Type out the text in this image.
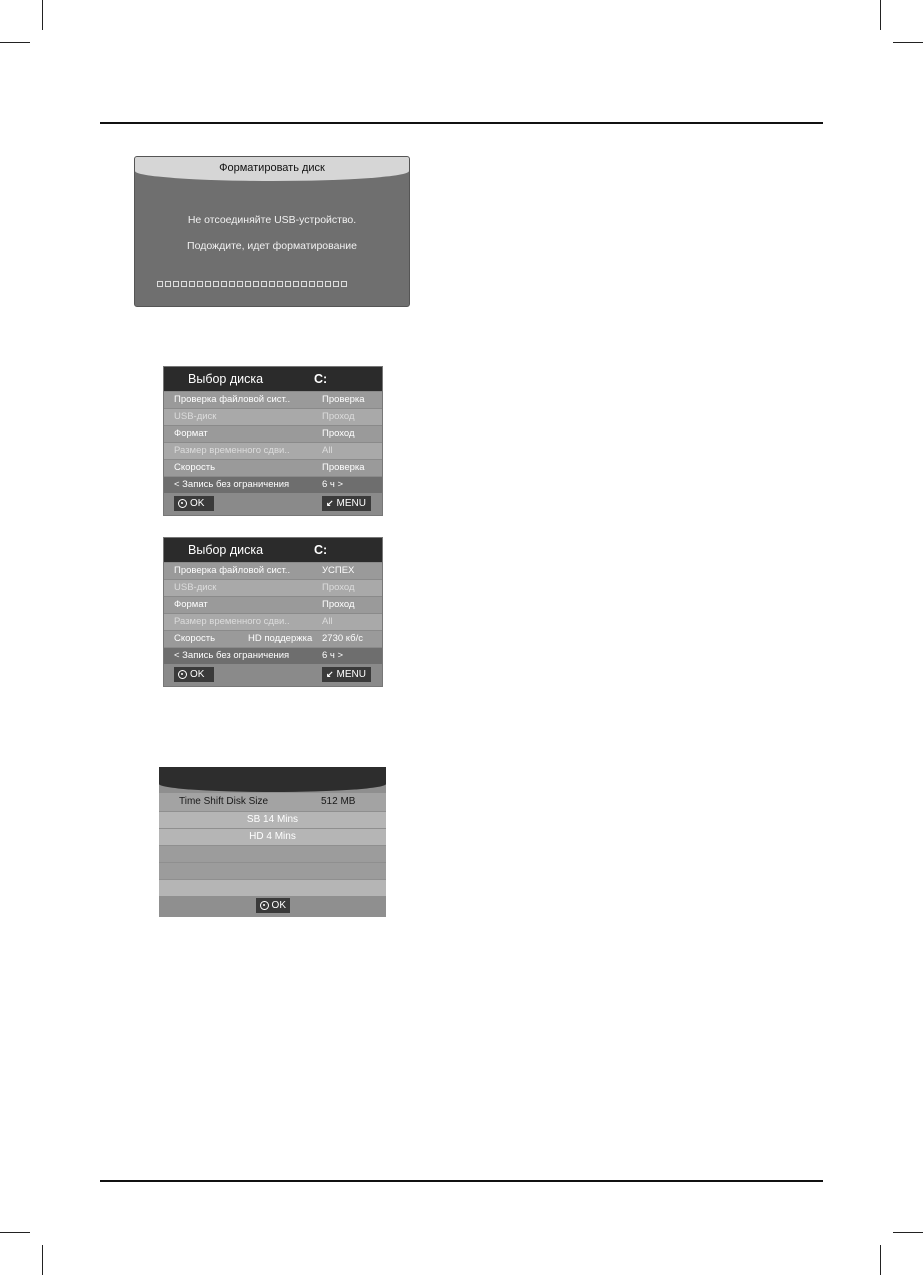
Форматировать диск
Не отсоединяйте USB-устройство.
Подождите, идет форматирование
Выбор диска	C:
Проверка файловой сист..	Проверка
USB-диск	Проход
Формат	Проход
Размер временного сдви..	All
Скорость	Проверка
< Запись без ограничения	6 ч >
OK	↙ MENU
Выбор диска	C:
Проверка файловой сист..	УСПЕХ
USB-диск	Проход
Формат	Проход
Размер временного сдви..	All
Скорость	HD поддержка 2730 кб/с
< Запись без ограничения	6 ч >
OK	↙ MENU
Time Shift Disk Size	512 MB
SB 14 Mins
HD 4 Mins
OK
